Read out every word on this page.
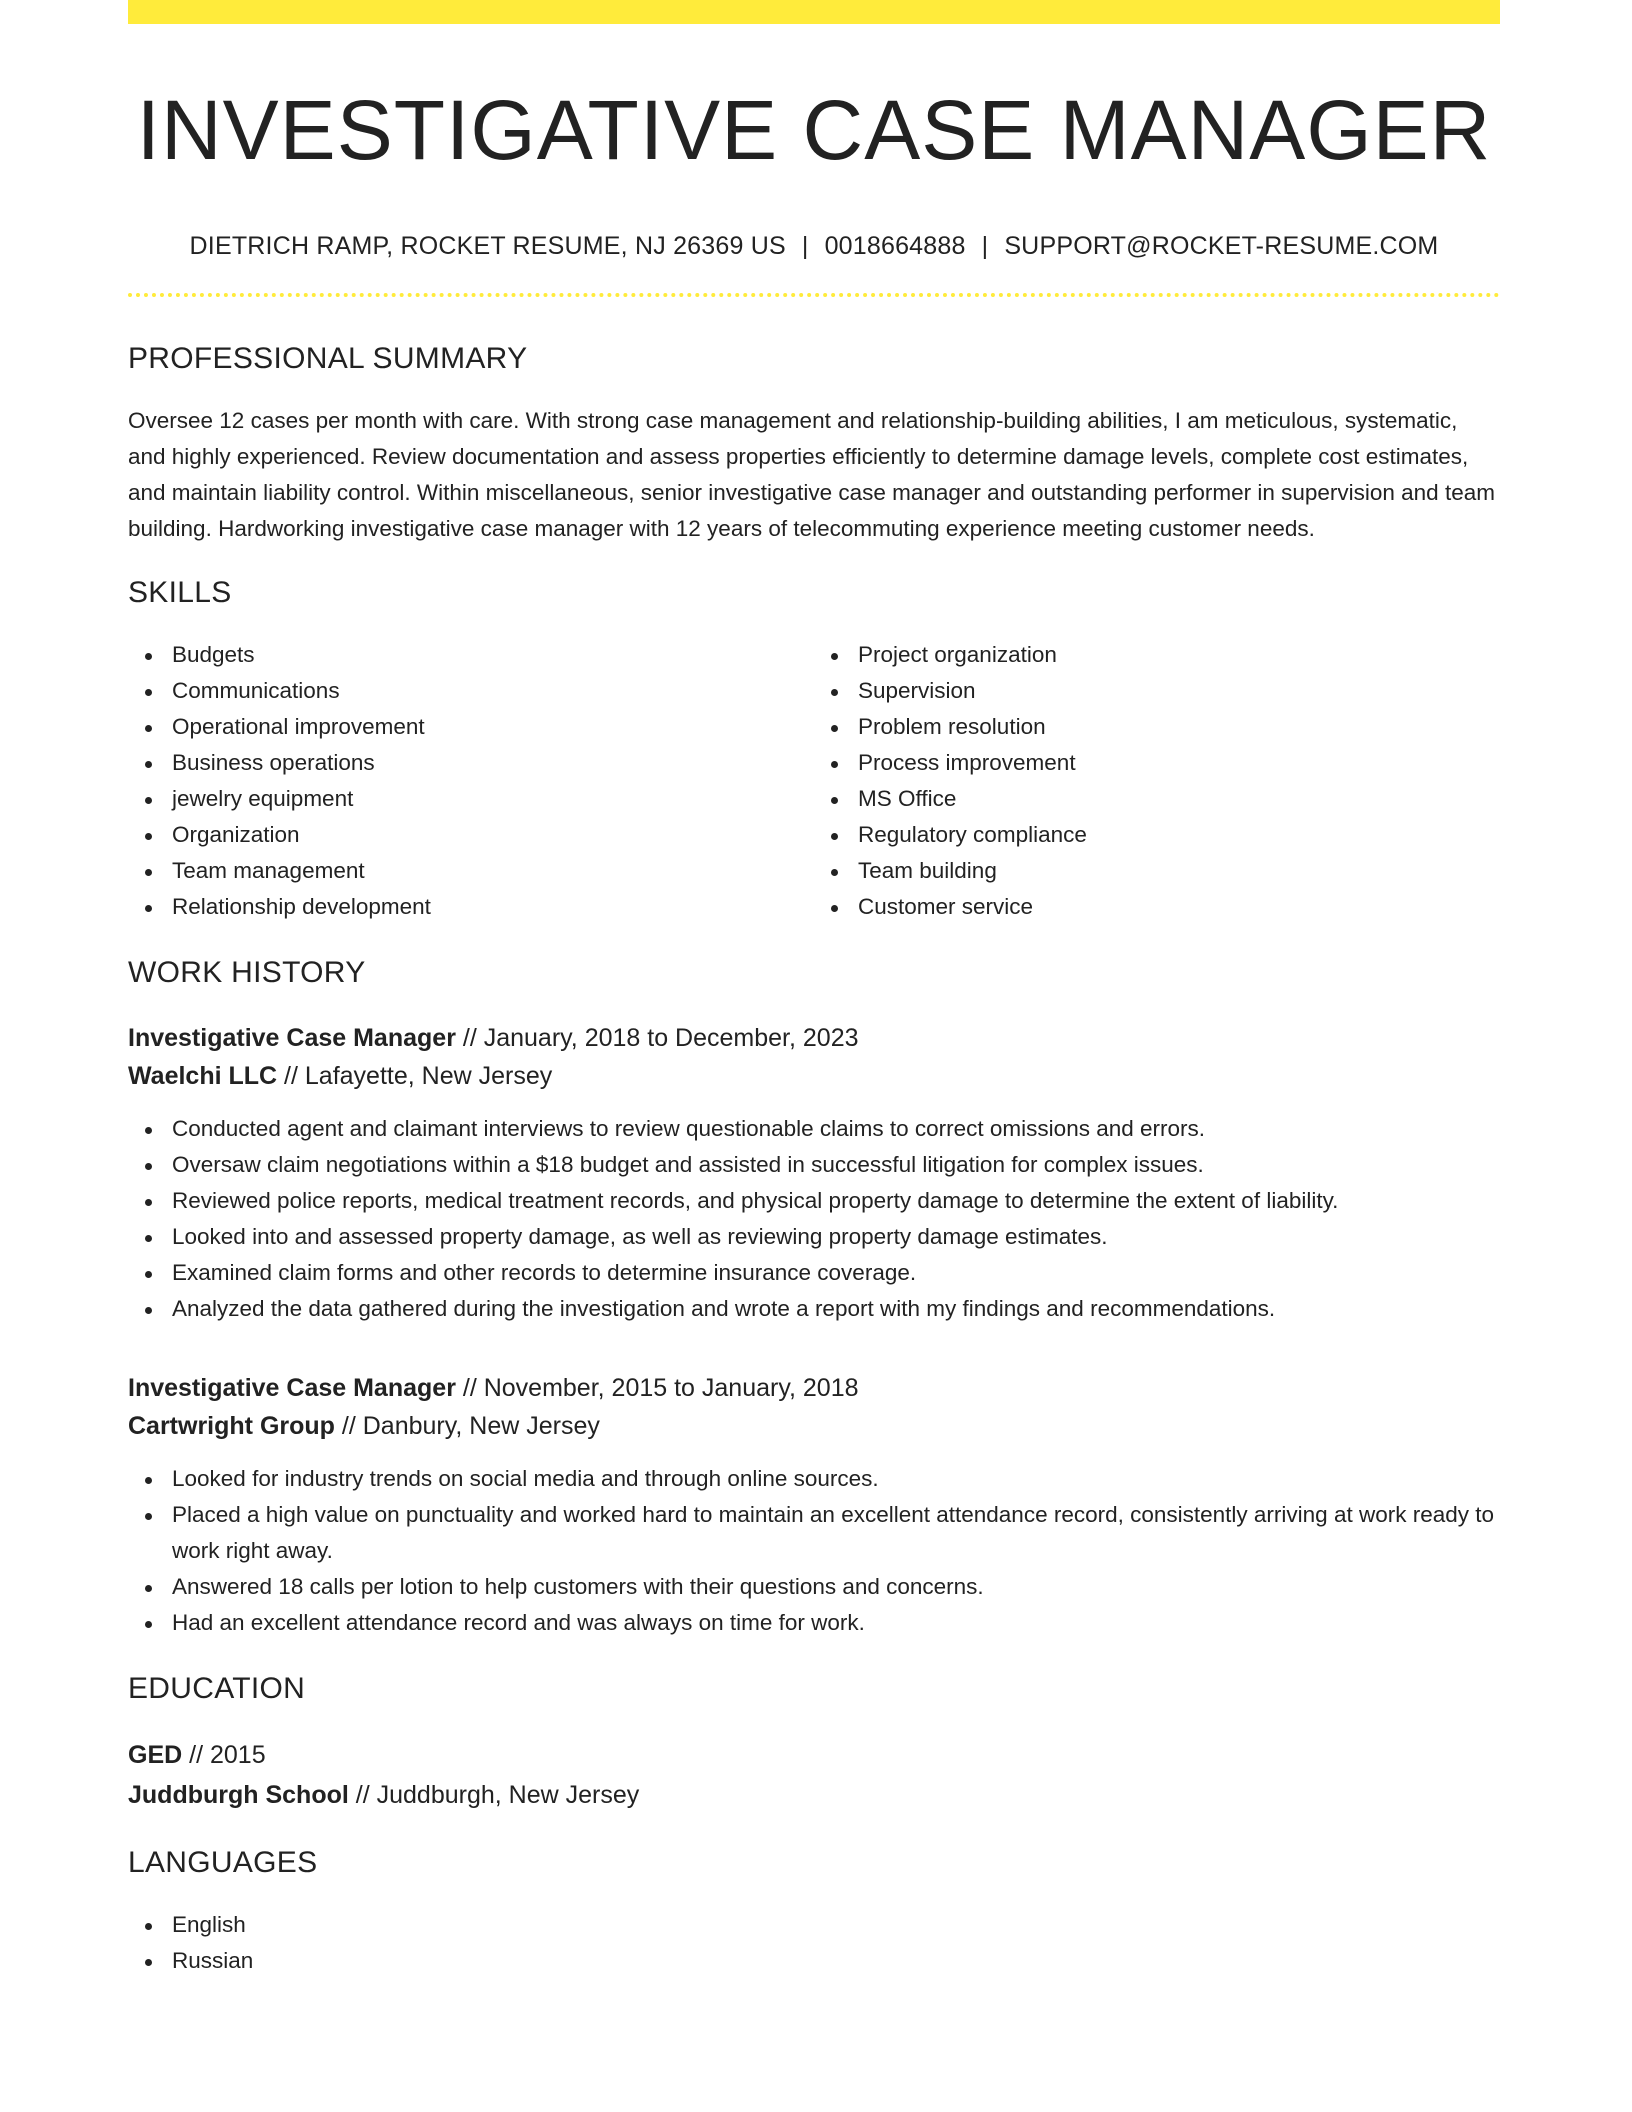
INVESTIGATIVE CASE MANAGER
DIETRICH RAMP, ROCKET RESUME, NJ 26369 US | 0018664888 | SUPPORT@ROCKET-RESUME.COM
PROFESSIONAL SUMMARY

Oversee 12 cases per month with care. With strong case management and relationship-building abilities, I am meticulous, systematic, and highly experienced. Review documentation and assess properties efficiently to determine damage levels, complete cost estimates, and maintain liability control. Within miscellaneous, senior investigative case manager and outstanding performer in supervision and team building. Hardworking investigative case manager with 12 years of telecommuting experience meeting customer needs.

SKILLS
Budgets
Communications
Operational improvement
Business operations
jewelry equipment
Organization
Team management
Relationship development
Project organization
Supervision
Problem resolution
Process improvement
MS Office
Regulatory compliance
Team building
Customer service
WORK HISTORY
Investigative Case Manager // January, 2018 to December, 2023
Waelchi LLC // Lafayette, New Jersey
Conducted agent and claimant interviews to review questionable claims to correct omissions and errors.
Oversaw claim negotiations within a $18 budget and assisted in successful litigation for complex issues.
Reviewed police reports, medical treatment records, and physical property damage to determine the extent of liability.
Looked into and assessed property damage, as well as reviewing property damage estimates.
Examined claim forms and other records to determine insurance coverage.
Analyzed the data gathered during the investigation and wrote a report with my findings and recommendations.
Investigative Case Manager // November, 2015 to January, 2018
Cartwright Group // Danbury, New Jersey
Looked for industry trends on social media and through online sources.
Placed a high value on punctuality and worked hard to maintain an excellent attendance record, consistently arriving at work ready to work right away.
Answered 18 calls per lotion to help customers with their questions and concerns.
Had an excellent attendance record and was always on time for work.
EDUCATION
GED // 2015
Juddburgh School // Juddburgh, New Jersey
LANGUAGES
English
Russian
